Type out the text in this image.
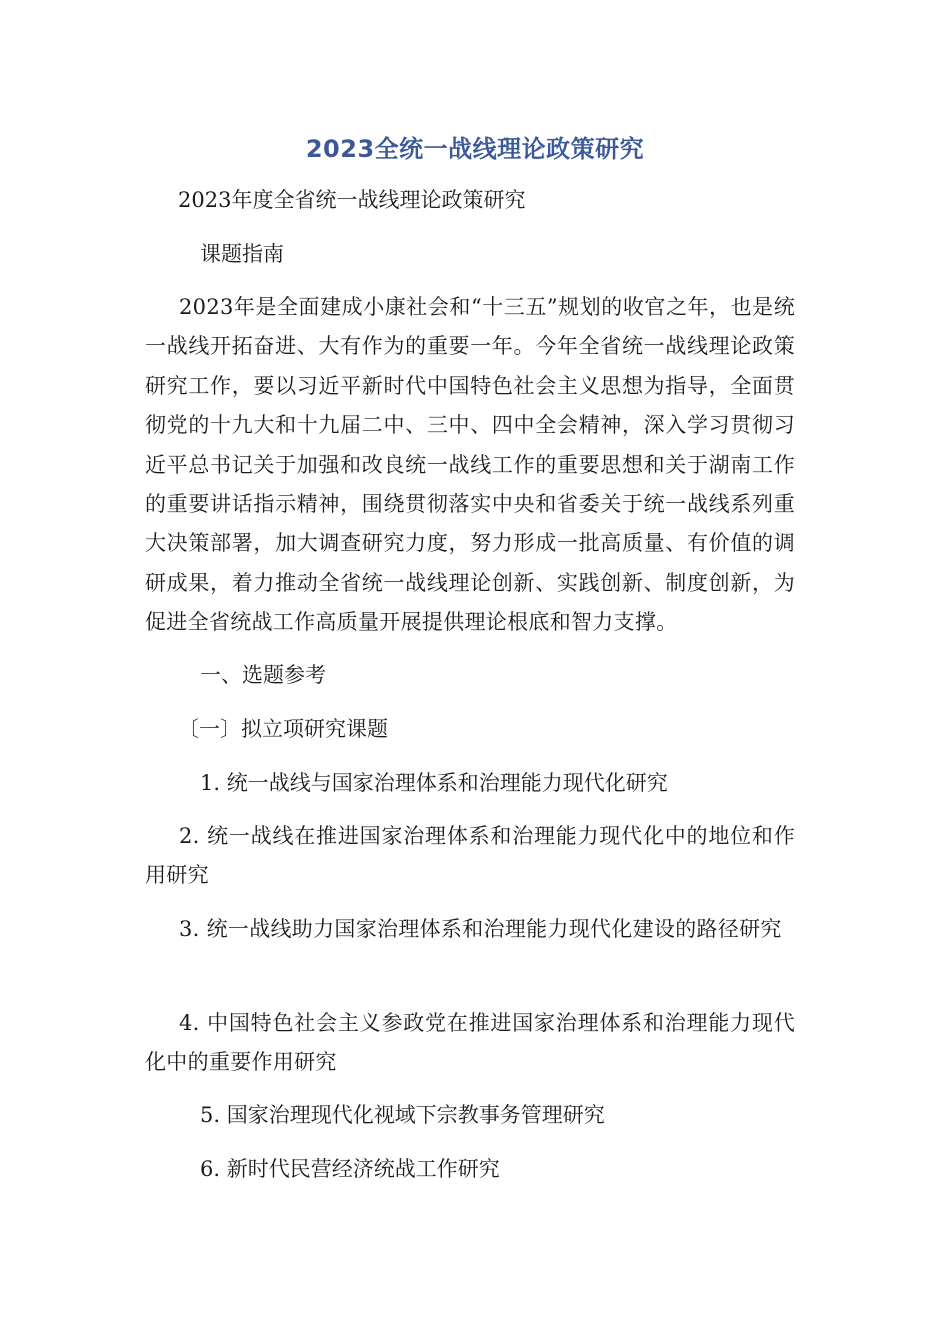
2023全统一战线理论政策研究
2023年度全省统一战线理论政策研究
课题指南
2023年是全面建成小康社会和“十三五”规划的收官之年，也是统一战线开拓奋进、大有作为的重要一年。今年全省统一战线理论政策研究工作，要以习近平新时代中国特色社会主义思想为指导，全面贯彻党的十九大和十九届二中、三中、四中全会精神，深入学习贯彻习近平总书记关于加强和改良统一战线工作的重要思想和关于湖南工作的重要讲话指示精神，围绕贯彻落实中央和省委关于统一战线系列重大决策部署，加大调查研究力度，努力形成一批高质量、有价值的调研成果，着力推动全省统一战线理论创新、实践创新、制度创新，为促进全省统战工作高质量开展提供理论根底和智力支撑。
一、选题参考
〔一〕拟立项研究课题
1. 统一战线与国家治理体系和治理能力现代化研究
2. 统一战线在推进国家治理体系和治理能力现代化中的地位和作用研究
3. 统一战线助力国家治理体系和治理能力现代化建设的路径研究
4. 中国特色社会主义参政党在推进国家治理体系和治理能力现代化中的重要作用研究
5. 国家治理现代化视域下宗教事务管理研究
6. 新时代民营经济统战工作研究
